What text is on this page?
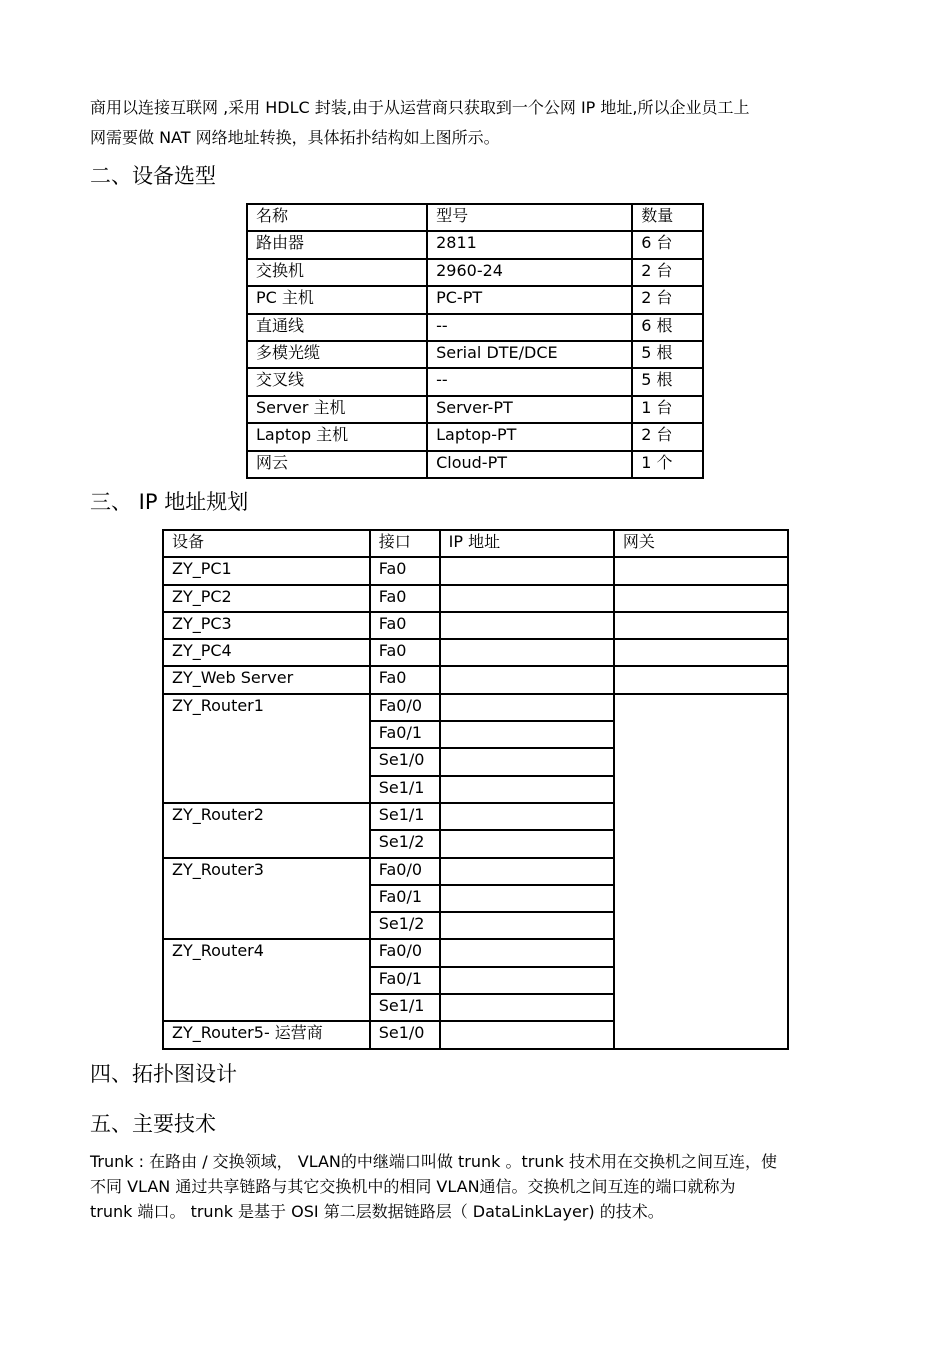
商用以连接互联网 ,采用 HDLC 封装,由于从运营商只获取到一个公网 IP 地址,所以企业员工上

网需要做 NAT 网络地址转换，具体拓扑结构如上图所示。

二、设备选型
名称	型号	数量
路由器	2811	6 台
交换机	2960-24	2 台
PC 主机	PC-PT	2 台
直通线	--	6 根
多模光缆	Serial DTE/DCE	5 根
交叉线	--	5 根
Server 主机	Server-PT	1 台
Laptop 主机	Laptop-PT	2 台
网云	Cloud-PT	1 个
三、 IP 地址规划
设备	接口	IP 地址	网关
ZY_PC1	Fa0		
ZY_PC2	Fa0		
ZY_PC3	Fa0		
ZY_PC4	Fa0		
ZY_Web Server	Fa0		
ZY_Router1	Fa0/0		
	Fa0/1		
	Se1/0		
	Se1/1		
ZY_Router2	Se1/1		
	Se1/2		
ZY_Router3	Fa0/0		
	Fa0/1		
	Se1/2		
ZY_Router4	Fa0/0		
	Fa0/1		
	Se1/1		
ZY_Router5- 运营商	Se1/0		
四、拓扑图设计
五、主要技术

Trunk : 在路由 / 交换领域， VLAN的中继端口叫做 trunk 。trunk 技术用在交换机之间互连，使

不同 VLAN 通过共享链路与其它交换机中的相同 VLAN通信。交换机之间互连的端口就称为

trunk 端口。 trunk 是基于 OSI 第二层数据链路层（ DataLinkLayer) 的技术。
